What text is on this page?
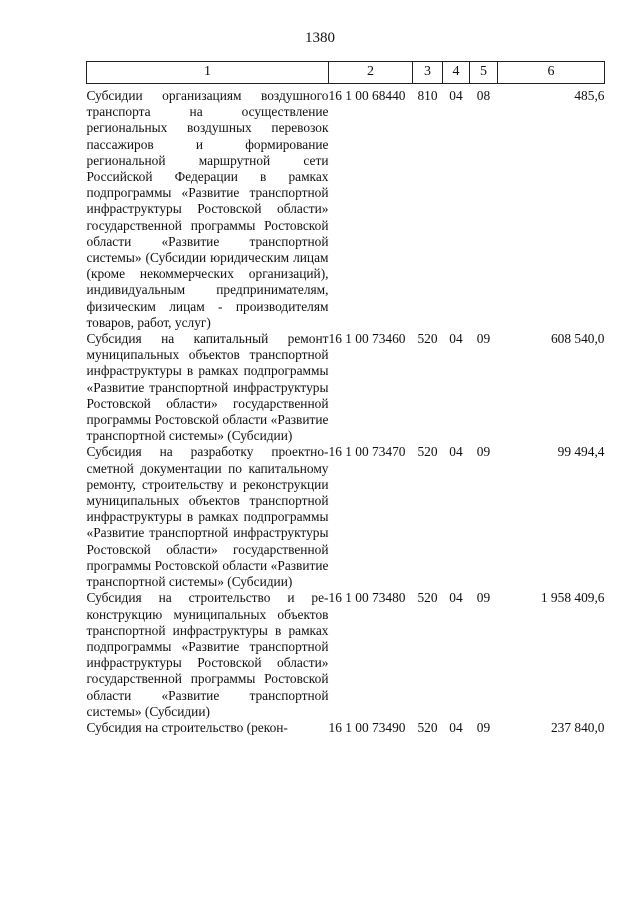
1380
1	2	3	4	5	6
Субсидии организациям воздушного транспорта на осуществление региональных воздушных перевозок пассажиров и формирование региональной маршрутной сети Российской Федерации в рамках подпрограммы «Развитие транспортной инфраструктуры Ростовской области» государственной программы Ростовской области «Развитие транспортной системы» (Субсидии юридическим лицам (кроме некоммерческих организаций), индивидуальным предпринимателям, физическим лицам - производителям товаров, работ, услуг)	16 1 00 68440	810	04	08	485,6
Субсидия на капитальный ремонт муниципальных объектов транспортной инфраструктуры в рамках подпрограммы «Развитие транспортной инфраструктуры Ростовской области» государственной программы Ростовской области «Развитие транспортной системы» (Субсидии)	16 1 00 73460	520	04	09	608 540,0
Субсидия на разработку проектно-сметной документации по капитальному ремонту, строительству и реконструкции муниципальных объектов транспортной инфраструктуры в рамках подпрограммы «Развитие транспортной инфраструктуры Ростовской области» государственной программы Ростовской области «Развитие транспортной системы» (Субсидии)	16 1 00 73470	520	04	09	99 494,4
Субсидия на строительство и реконструкцию муниципальных объектов транспортной инфраструктуры в рамках подпрограммы «Развитие транспортной инфраструктуры Ростовской области» государственной программы Ростовской области «Развитие транспортной системы» (Субсидии)	16 1 00 73480	520	04	09	1 958 409,6
Субсидия на строительство (рекон-	16 1 00 73490	520	04	09	237 840,0
